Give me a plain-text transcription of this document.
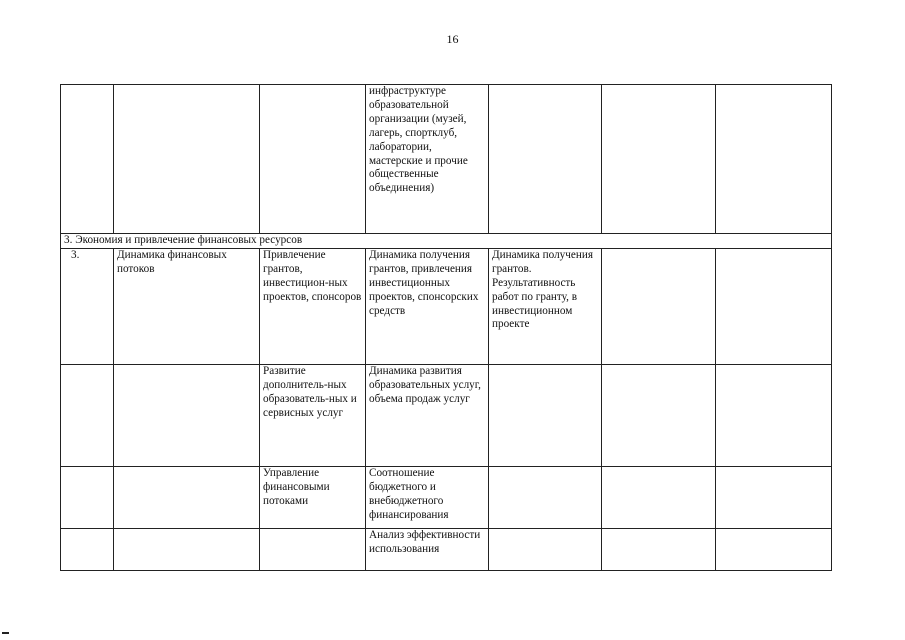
16

			инфраструктуре образовательной организации (музей, лагерь, спортклуб, лаборатории, мастерские и прочие общественные объединения)			

3. Экономия и привлечение финансовых ресурсов						
3.	Динамика финансовых потоков	Привлечение грантов, инвестицион-ных проектов, спонсоров	Динамика получения грантов, привлечения инвестиционных проектов, спонсорских средств	Динамика получения грантов. Результативность работ по гранту, в инвестиционном проекте		

		Развитие дополнитель-ных образователь-ных и сервисных услуг	Динамика развития образовательных услуг, объема продаж услуг			

		Управление финансовыми потоками	Соотношение бюджетного и внебюджетного финансирования			

			Анализ эффективности использования			
